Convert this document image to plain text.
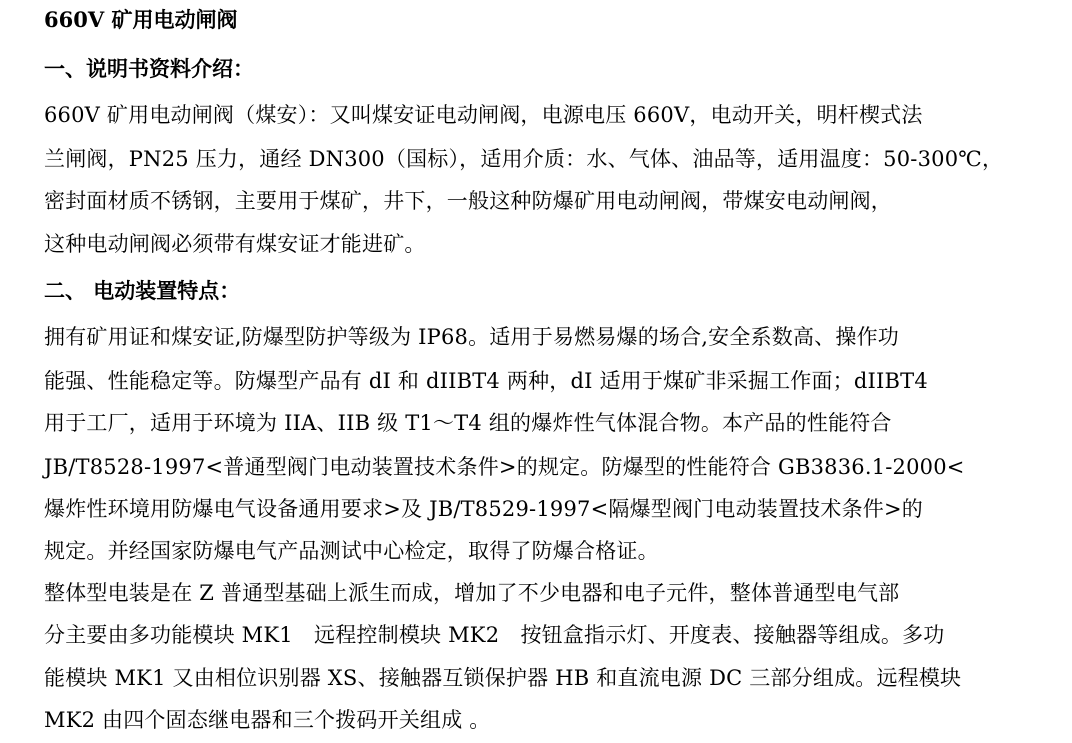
660V 矿用电动闸阀
一、说明书资料介绍：
660V 矿用电动闸阀（煤安）：又叫煤安证电动闸阀，电源电压 660V，电动开关，明杆楔式法
兰闸阀，PN25 压力，通经 DN300（国标），适用介质：水、气体、油品等，适用温度：50-300℃，
密封面材质不锈钢，主要用于煤矿，井下，一般这种防爆矿用电动闸阀，带煤安电动闸阀，
这种电动闸阀必须带有煤安证才能进矿。
二、 电动装置特点：
拥有矿用证和煤安证,防爆型防护等级为 IP68。适用于易燃易爆的场合,安全系数高、操作功
能强、性能稳定等。防爆型产品有 dI 和 dIIBT4 两种，dI 适用于煤矿非采掘工作面；dIIBT4
用于工厂，适用于环境为 IIA、IIB 级 T1～T4 组的爆炸性气体混合物。本产品的性能符合
JB/T8528-1997<普通型阀门电动装置技术条件>的规定。防爆型的性能符合 GB3836.1-2000<
爆炸性环境用防爆电气设备通用要求>及 JB/T8529-1997<隔爆型阀门电动装置技术条件>的
规定。并经国家防爆电气产品测试中心检定，取得了防爆合格证。
整体型电装是在 Z 普通型基础上派生而成，增加了不少电器和电子元件，整体普通型电气部
分主要由多功能模块 MK1　远程控制模块 MK2　按钮盒指示灯、开度表、接触器等组成。多功
能模块 MK1 又由相位识别器 XS、接触器互锁保护器 HB 和直流电源 DC 三部分组成。远程模块
MK2 由四个固态继电器和三个拨码开关组成 。
